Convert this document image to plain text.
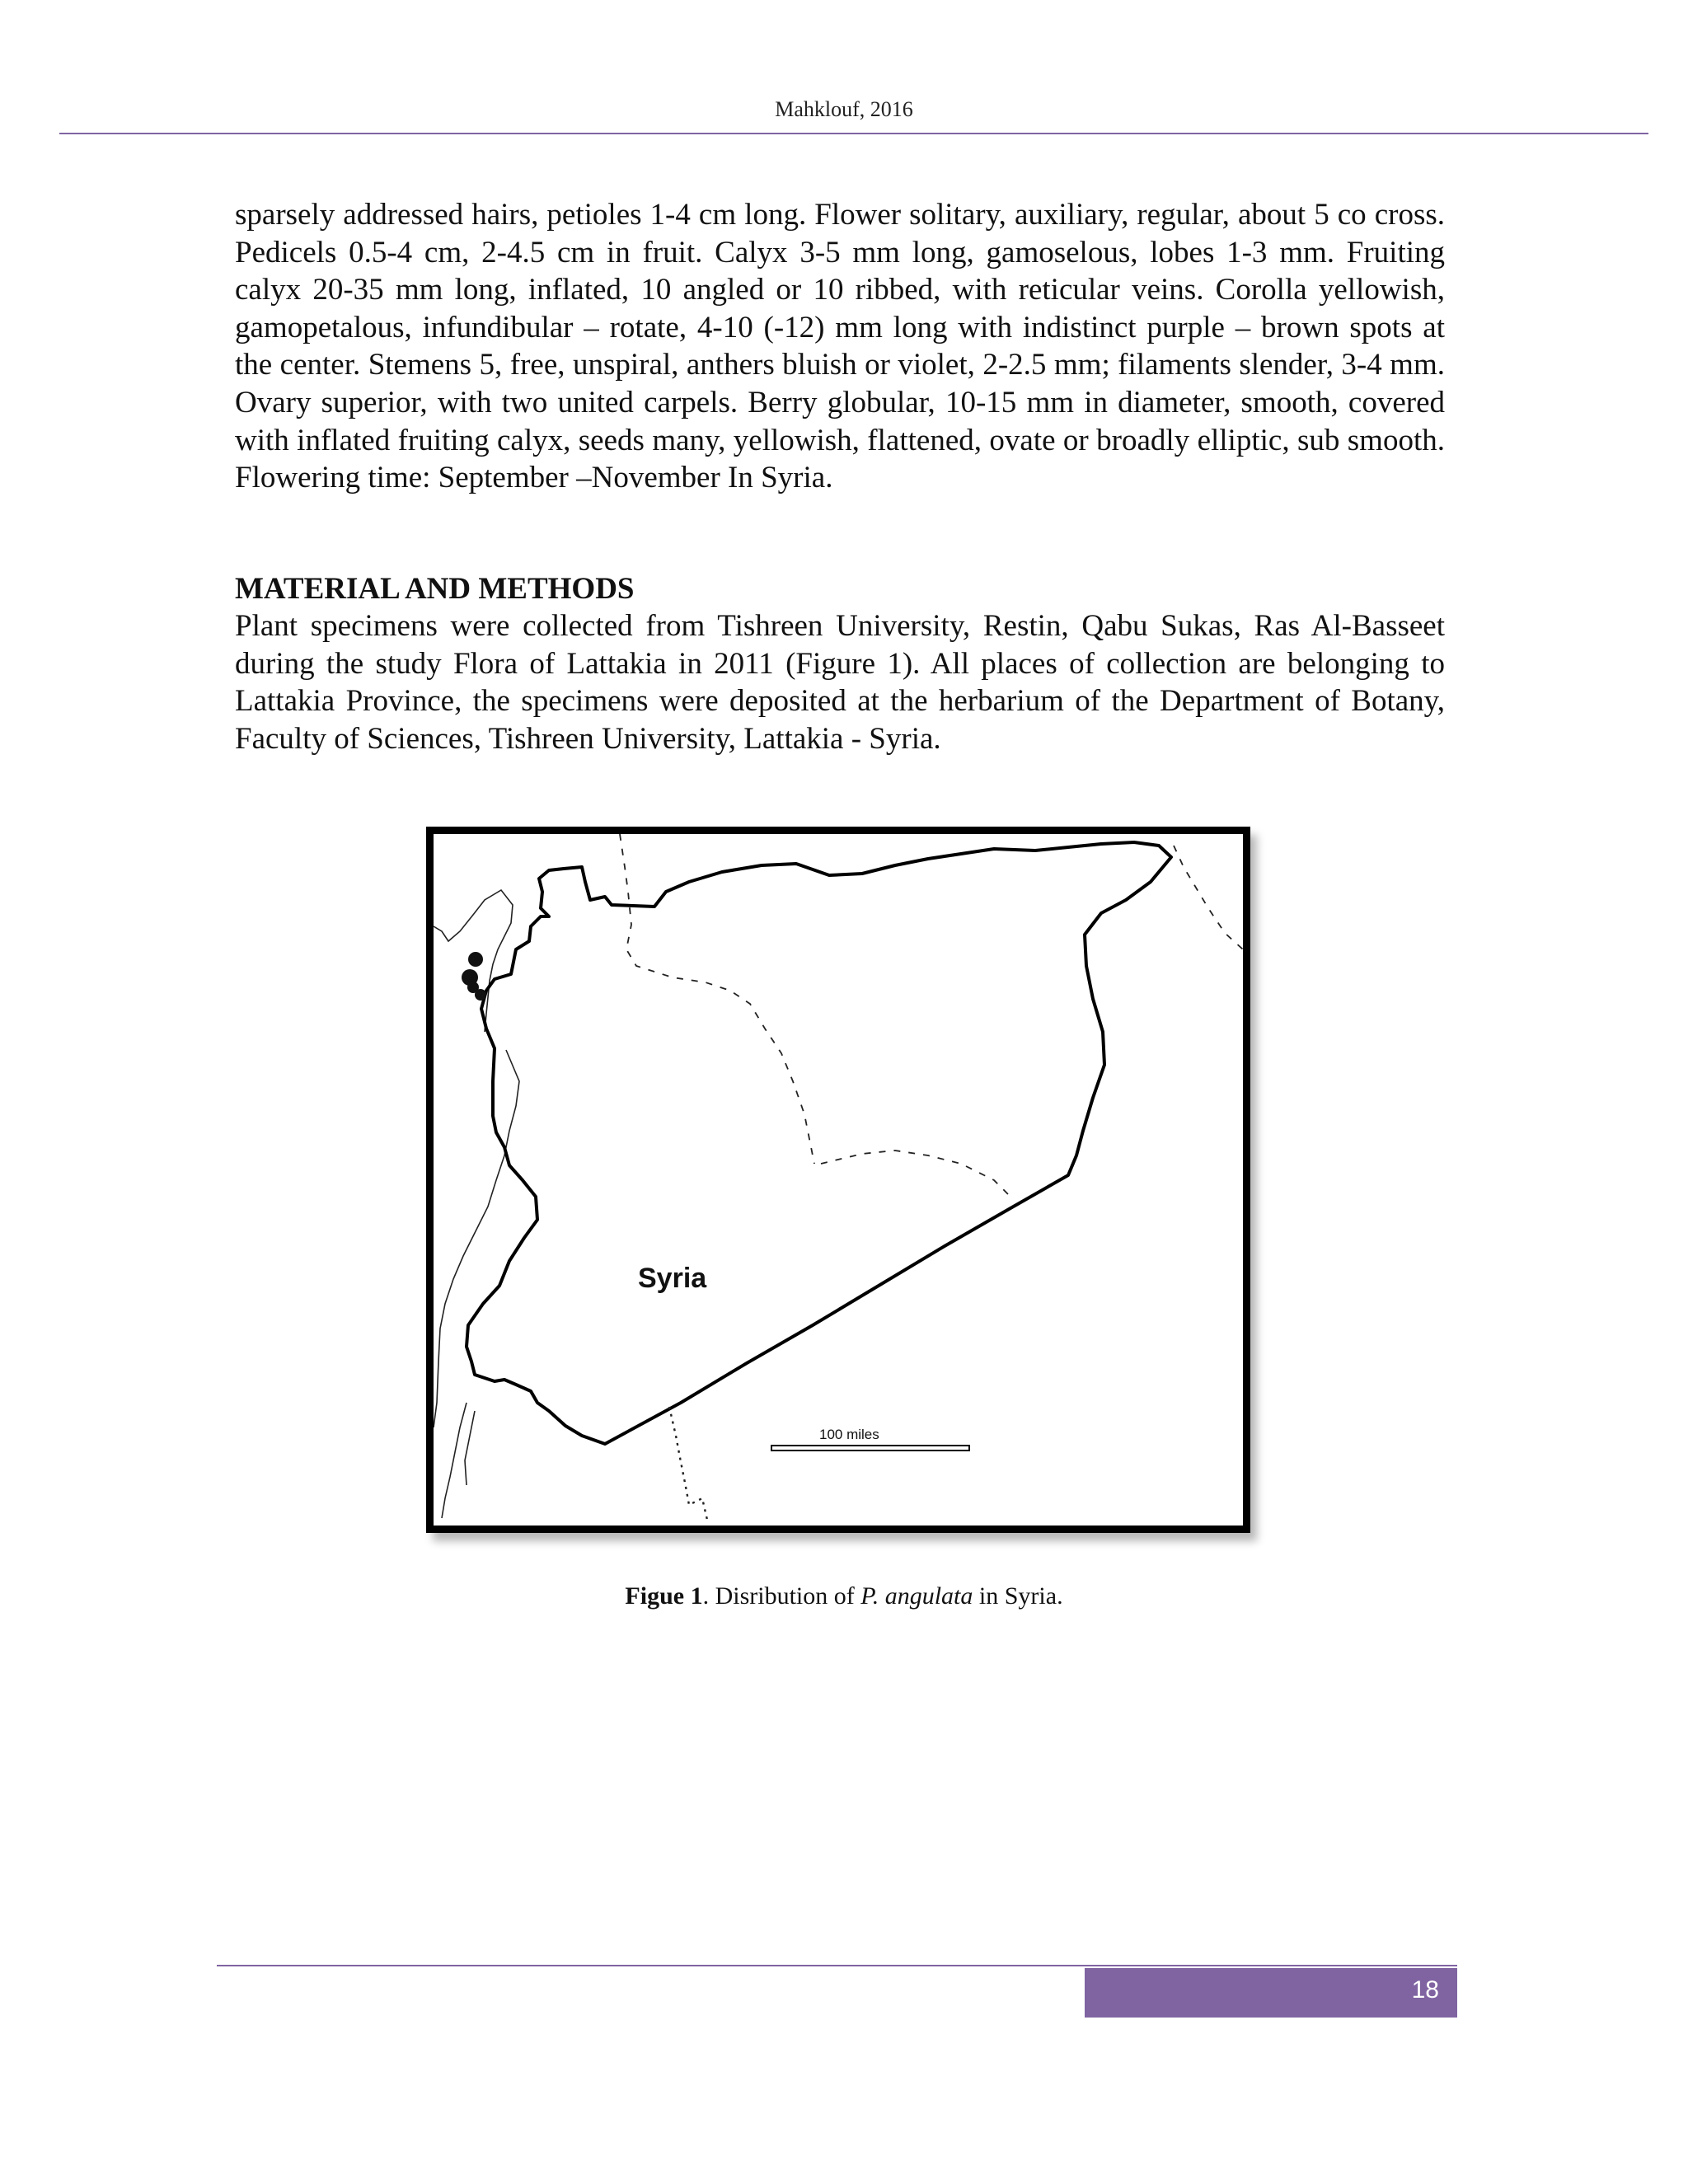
Mahklouf, 2016

sparsely addressed hairs, petioles 1-4 cm long. Flower solitary, auxiliary, regular, about 5 co cross. Pedicels 0.5-4 cm, 2-4.5 cm in fruit. Calyx 3-5 mm long, gamoselous, lobes 1-3 mm. Fruiting calyx 20-35 mm long, inflated, 10 angled or 10 ribbed, with reticular veins. Corolla yellowish, gamopetalous, infundibular – rotate, 4-10 (-12) mm long with indistinct purple – brown spots at the center. Stemens 5, free, unspiral, anthers bluish or violet, 2-2.5 mm; filaments slender, 3-4 mm. Ovary superior, with two united carpels. Berry globular, 10-15 mm in diameter, smooth, covered with inflated fruiting calyx, seeds many, yellowish, flattened, ovate or broadly elliptic, sub smooth. Flowering time: September –November In Syria.

MATERIAL AND METHODS

Plant specimens were collected from Tishreen University, Restin, Qabu Sukas, Ras Al-Basseet during the study Flora of Lattakia in 2011 (Figure 1). All places of collection are belonging to Lattakia Province, the specimens were deposited at the herbarium of the Department of Botany, Faculty of Sciences, Tishreen University, Lattakia - Syria.

Syria
100 miles
Figue 1. Disribution of P. angulata in Syria.
18
